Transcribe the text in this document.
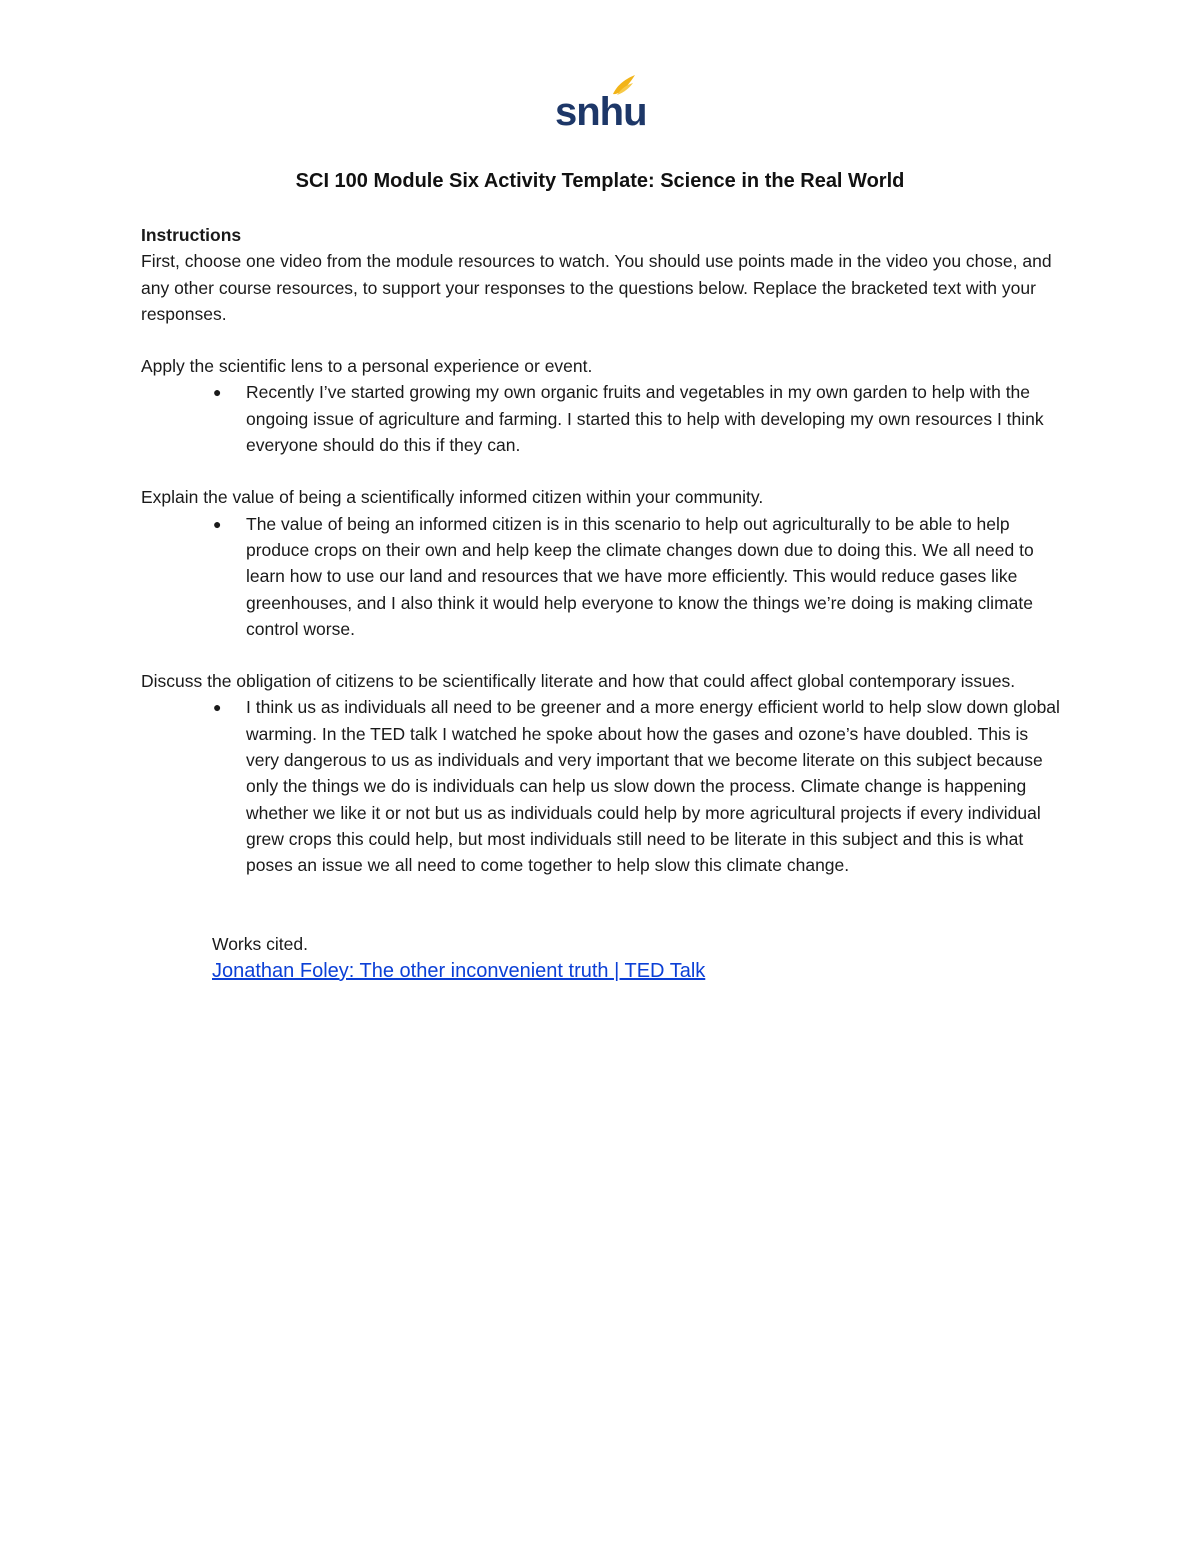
snhu
SCI 100 Module Six Activity Template: Science in the Real World

Instructions

First, choose one video from the module resources to watch. You should use points made in the video you chose, and any other course resources, to support your responses to the questions below. Replace the bracketed text with your responses.

Apply the scientific lens to a personal experience or event.

● Recently I’ve started growing my own organic fruits and vegetables in my own garden to help with the ongoing issue of agriculture and farming. I started this to help with developing my own resources I think everyone should do this if they can.

Explain the value of being a scientifically informed citizen within your community.

● The value of being an informed citizen is in this scenario to help out agriculturally to be able to help produce crops on their own and help keep the climate changes down due to doing this. We all need to learn how to use our land and resources that we have more efficiently. This would reduce gases like greenhouses, and I also think it would help everyone to know the things we’re doing is making climate control worse.

Discuss the obligation of citizens to be scientifically literate and how that could affect global contemporary issues.

● I think us as individuals all need to be greener and a more energy efficient world to help slow down global warming. In the TED talk I watched he spoke about how the gases and ozone’s have doubled. This is very dangerous to us as individuals and very important that we become literate on this subject because only the things we do is individuals can help us slow down the process. Climate change is happening whether we like it or not but us as individuals could help by more agricultural projects if every individual grew crops this could help, but most individuals still need to be literate in this subject and this is what poses an issue we all need to come together to help slow this climate change.

Works cited.

Jonathan Foley: The other inconvenient truth | TED Talk
